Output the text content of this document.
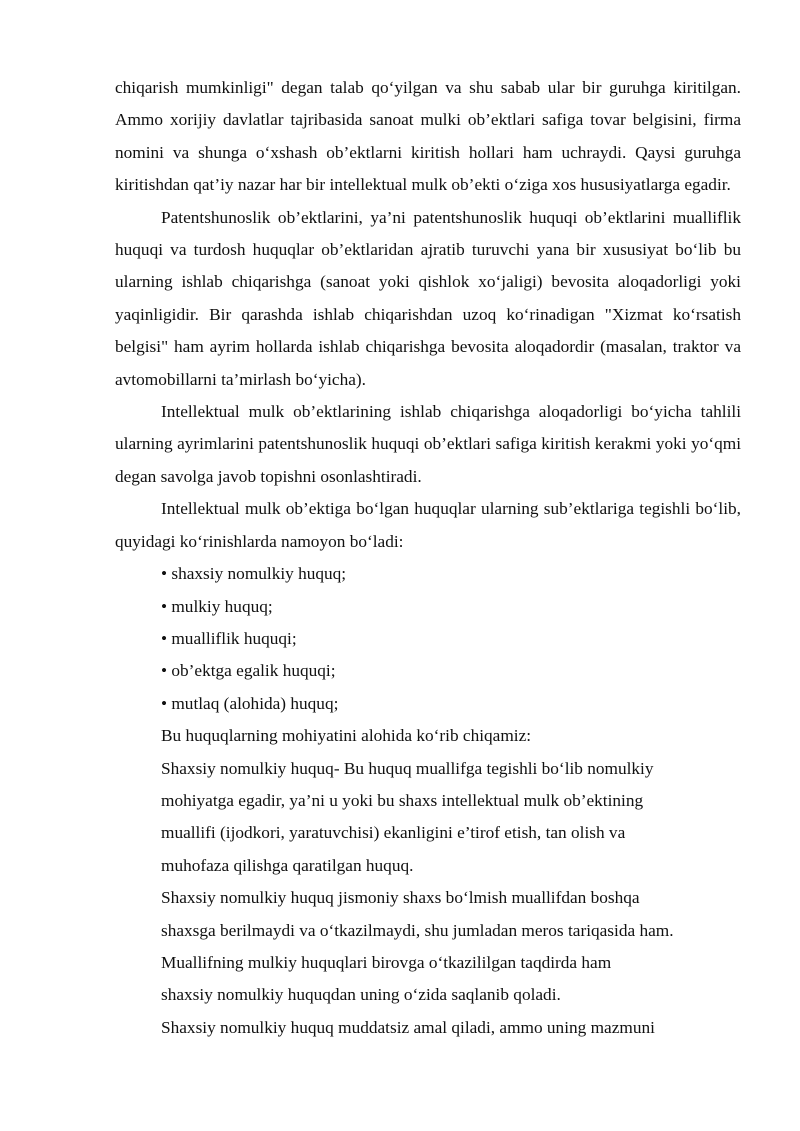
chiqarish mumkinligi" degan talab qo‘yilgan va shu sabab ular bir guruhga kiritilgan. Ammo xorijiy davlatlar tajribasida sanoat mulki ob’ektlari safiga tovar belgisini, firma nomini va shunga o‘xshash ob’ektlarni kiritish hollari ham uchraydi. Qaysi guruhga kiritishdan qat’iy nazar har bir intellektual mulk ob’ekti o‘ziga xos hususiyatlarga egadir.

Patentshunoslik ob’ektlarini, ya’ni patentshunoslik huquqi ob’ektlarini mualliflik huquqi va turdosh huquqlar ob’ektlaridan ajratib turuvchi yana bir xususiyat bo‘lib bu ularning ishlab chiqarishga (sanoat yoki qishlok xo‘jaligi) bevosita aloqadorligi yoki yaqinligidir. Bir qarashda ishlab chiqarishdan uzoq ko‘rinadigan "Xizmat ko‘rsatish belgisi" ham ayrim hollarda ishlab chiqarishga bevosita aloqadordir (masalan, traktor va avtomobillarni ta’mirlash bo‘yicha).

Intellektual mulk ob’ektlarining ishlab chiqarishga aloqadorligi bo‘yicha tahlili ularning ayrimlarini patentshunoslik huquqi ob’ektlari safiga kiritish kerakmi yoki yo‘qmi degan savolga javob topishni osonlashtiradi.

Intellektual mulk ob’ektiga bo‘lgan huquqlar ularning sub’ektlariga tegishli bo‘lib, quyidagi ko‘rinishlarda namoyon bo‘ladi:

• shaxsiy nomulkiy huquq;

• mulkiy huquq;

• mualliflik huquqi;

• ob’ektga egalik huquqi;

• mutlaq (alohida) huquq;

Bu huquqlarning mohiyatini alohida ko‘rib chiqamiz:

Shaxsiy nomulkiy huquq- Bu huquq muallifga tegishli bo‘lib nomulkiy

mohiyatga egadir, ya’ni u yoki bu shaxs intellektual mulk ob’ektining

muallifi (ijodkori, yaratuvchisi) ekanligini e’tirof etish, tan olish va

muhofaza qilishga qaratilgan huquq.

Shaxsiy nomulkiy huquq jismoniy shaxs bo‘lmish muallifdan boshqa

shaxsga berilmaydi va o‘tkazilmaydi, shu jumladan meros tariqasida ham.

Muallifning mulkiy huquqlari birovga o‘tkazililgan taqdirda ham

shaxsiy nomulkiy huquqdan uning o‘zida saqlanib qoladi.

Shaxsiy nomulkiy huquq muddatsiz amal qiladi, ammo uning mazmuni
